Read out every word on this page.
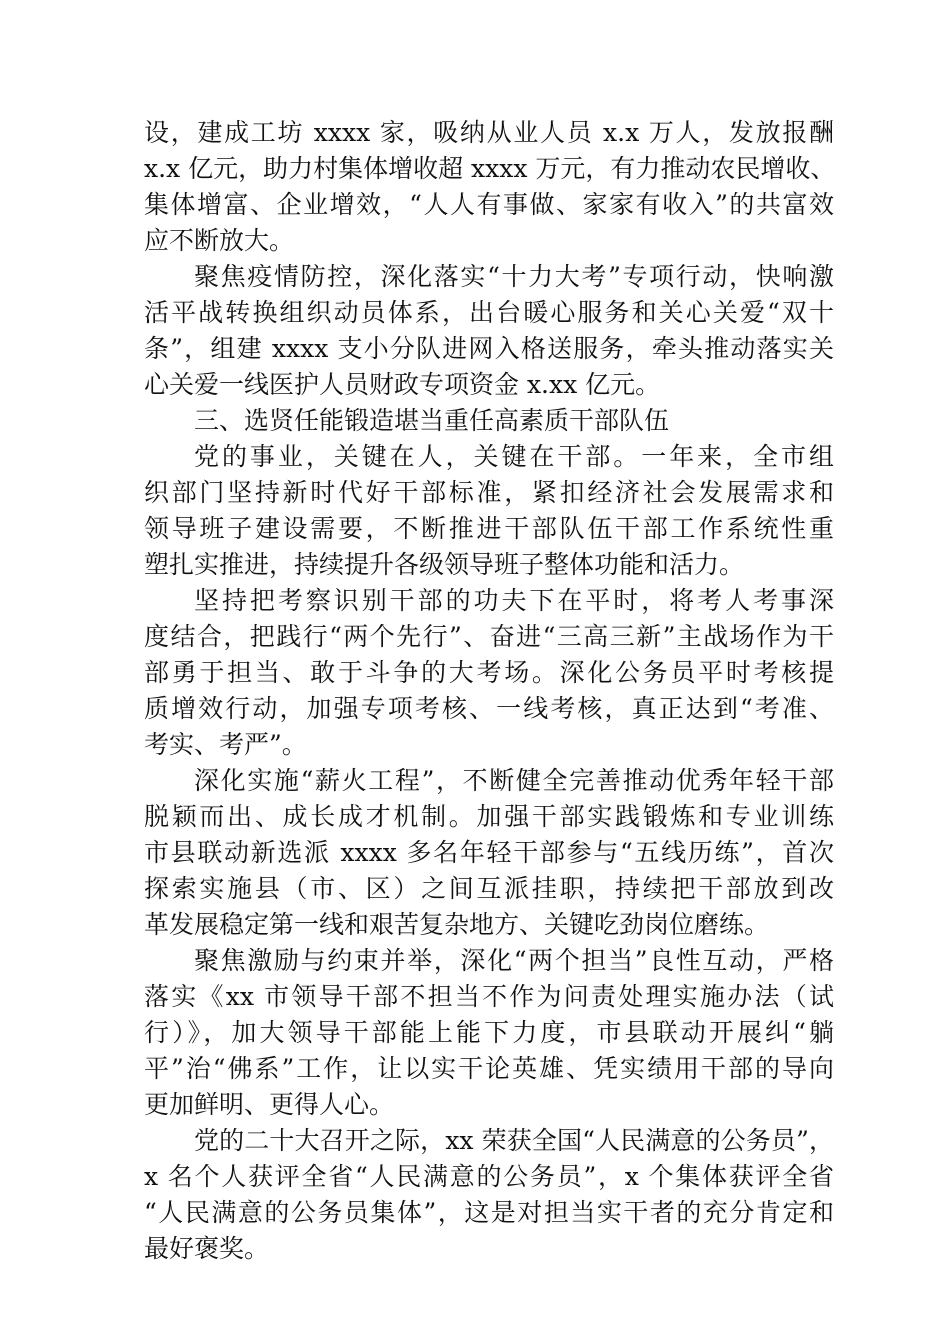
设，建成工坊 xxxx 家，吸纳从业人员 x.x 万人，发放报酬
x.x 亿元，助力村集体增收超 xxxx 万元，有力推动农民增收、
集体增富、企业增效，“人人有事做、家家有收入”的共富效
应不断放大。
聚焦疫情防控，深化落实“十力大考”专项行动，快响激
活平战转换组织动员体系，出台暖心服务和关心关爱“双十
条”，组建 xxxx 支小分队进网入格送服务，牵头推动落实关
心关爱一线医护人员财政专项资金 x.xx 亿元。
三、选贤任能锻造堪当重任高素质干部队伍
党的事业，关键在人，关键在干部。一年来，全市组
织部门坚持新时代好干部标准，紧扣经济社会发展需求和
领导班子建设需要，不断推进干部队伍干部工作系统性重
塑扎实推进，持续提升各级领导班子整体功能和活力。
坚持把考察识别干部的功夫下在平时，将考人考事深
度结合，把践行“两个先行”、奋进“三高三新”主战场作为干
部勇于担当、敢于斗争的大考场。深化公务员平时考核提
质增效行动，加强专项考核、一线考核，真正达到“考准、
考实、考严”。
深化实施“薪火工程”，不断健全完善推动优秀年轻干部
脱颖而出、成长成才机制。加强干部实践锻炼和专业训练
市县联动新选派 xxxx 多名年轻干部参与“五线历练”，首次
探索实施县（市、区）之间互派挂职，持续把干部放到改
革发展稳定第一线和艰苦复杂地方、关键吃劲岗位磨练。
聚焦激励与约束并举，深化“两个担当”良性互动，严格
落实《xx 市领导干部不担当不作为问责处理实施办法（试
行）》，加大领导干部能上能下力度，市县联动开展纠“躺
平”治“佛系”工作，让以实干论英雄、凭实绩用干部的导向
更加鲜明、更得人心。
党的二十大召开之际，xx 荣获全国“人民满意的公务员”，
x 名个人获评全省“人民满意的公务员”，x 个集体获评全省
“人民满意的公务员集体”，这是对担当实干者的充分肯定和
最好褒奖。
